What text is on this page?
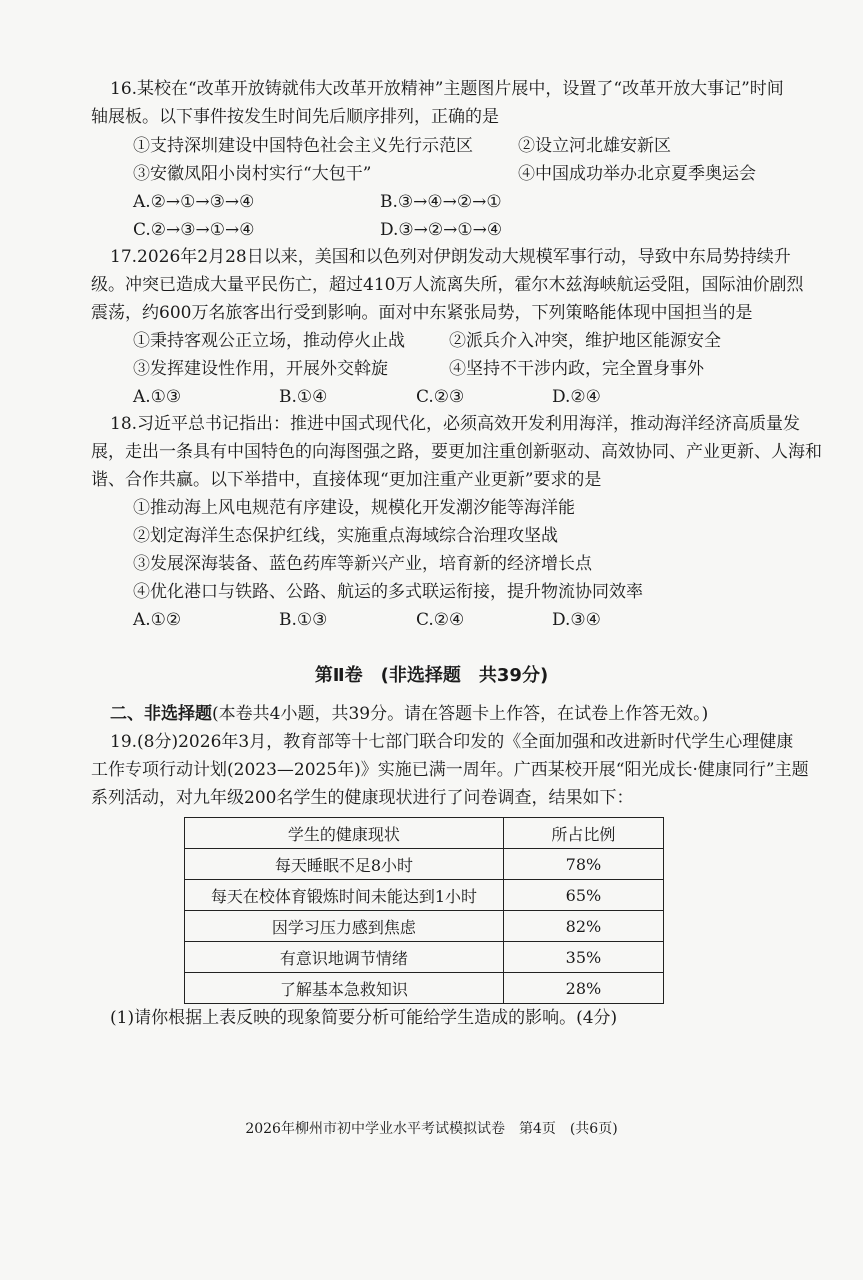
16.某校在“改革开放铸就伟大改革开放精神”主题图片展中，设置了“改革开放大事记”时间
轴展板。以下事件按发生时间先后顺序排列，正确的是
①支持深圳建设中国特色社会主义先行示范区	②设立河北雄安新区
③安徽凤阳小岗村实行“大包干”	④中国成功举办北京夏季奥运会
A.②→①→③→④	B.③→④→②→①
C.②→③→①→④	D.③→②→①→④
17.2026年2月28日以来，美国和以色列对伊朗发动大规模军事行动，导致中东局势持续升
级。冲突已造成大量平民伤亡，超过410万人流离失所，霍尔木兹海峡航运受阻，国际油价剧烈
震荡，约600万名旅客出行受到影响。面对中东紧张局势，下列策略能体现中国担当的是
①秉持客观公正立场，推动停火止战	②派兵介入冲突，维护地区能源安全
③发挥建设性作用，开展外交斡旋	④坚持不干涉内政，完全置身事外
A.①③	B.①④	C.②③	D.②④
18.习近平总书记指出：推进中国式现代化，必须高效开发利用海洋，推动海洋经济高质量发
展，走出一条具有中国特色的向海图强之路，要更加注重创新驱动、高效协同、产业更新、人海和
谐、合作共赢。以下举措中，直接体现“更加注重产业更新”要求的是
①推动海上风电规范有序建设，规模化开发潮汐能等海洋能
②划定海洋生态保护红线，实施重点海域综合治理攻坚战
③发展深海装备、蓝色药库等新兴产业，培育新的经济增长点
④优化港口与铁路、公路、航运的多式联运衔接，提升物流协同效率
A.①②	B.①③	C.②④	D.③④
第Ⅱ卷　(非选择题　共39分)
二、非选择题(本卷共4小题，共39分。请在答题卡上作答，在试卷上作答无效。)
19.(8分)2026年3月，教育部等十七部门联合印发的《全面加强和改进新时代学生心理健康
工作专项行动计划(2023—2025年)》实施已满一周年。广西某校开展“阳光成长·健康同行”主题
系列活动，对九年级200名学生的健康现状进行了问卷调查，结果如下：
学生的健康现状	所占比例
每天睡眠不足8小时	78%
每天在校体育锻炼时间未能达到1小时	65%
因学习压力感到焦虑	82%
有意识地调节情绪	35%
了解基本急救知识	28%
(1)请你根据上表反映的现象简要分析可能给学生造成的影响。(4分)
2026年柳州市初中学业水平考试模拟试卷　第4页　(共6页)
